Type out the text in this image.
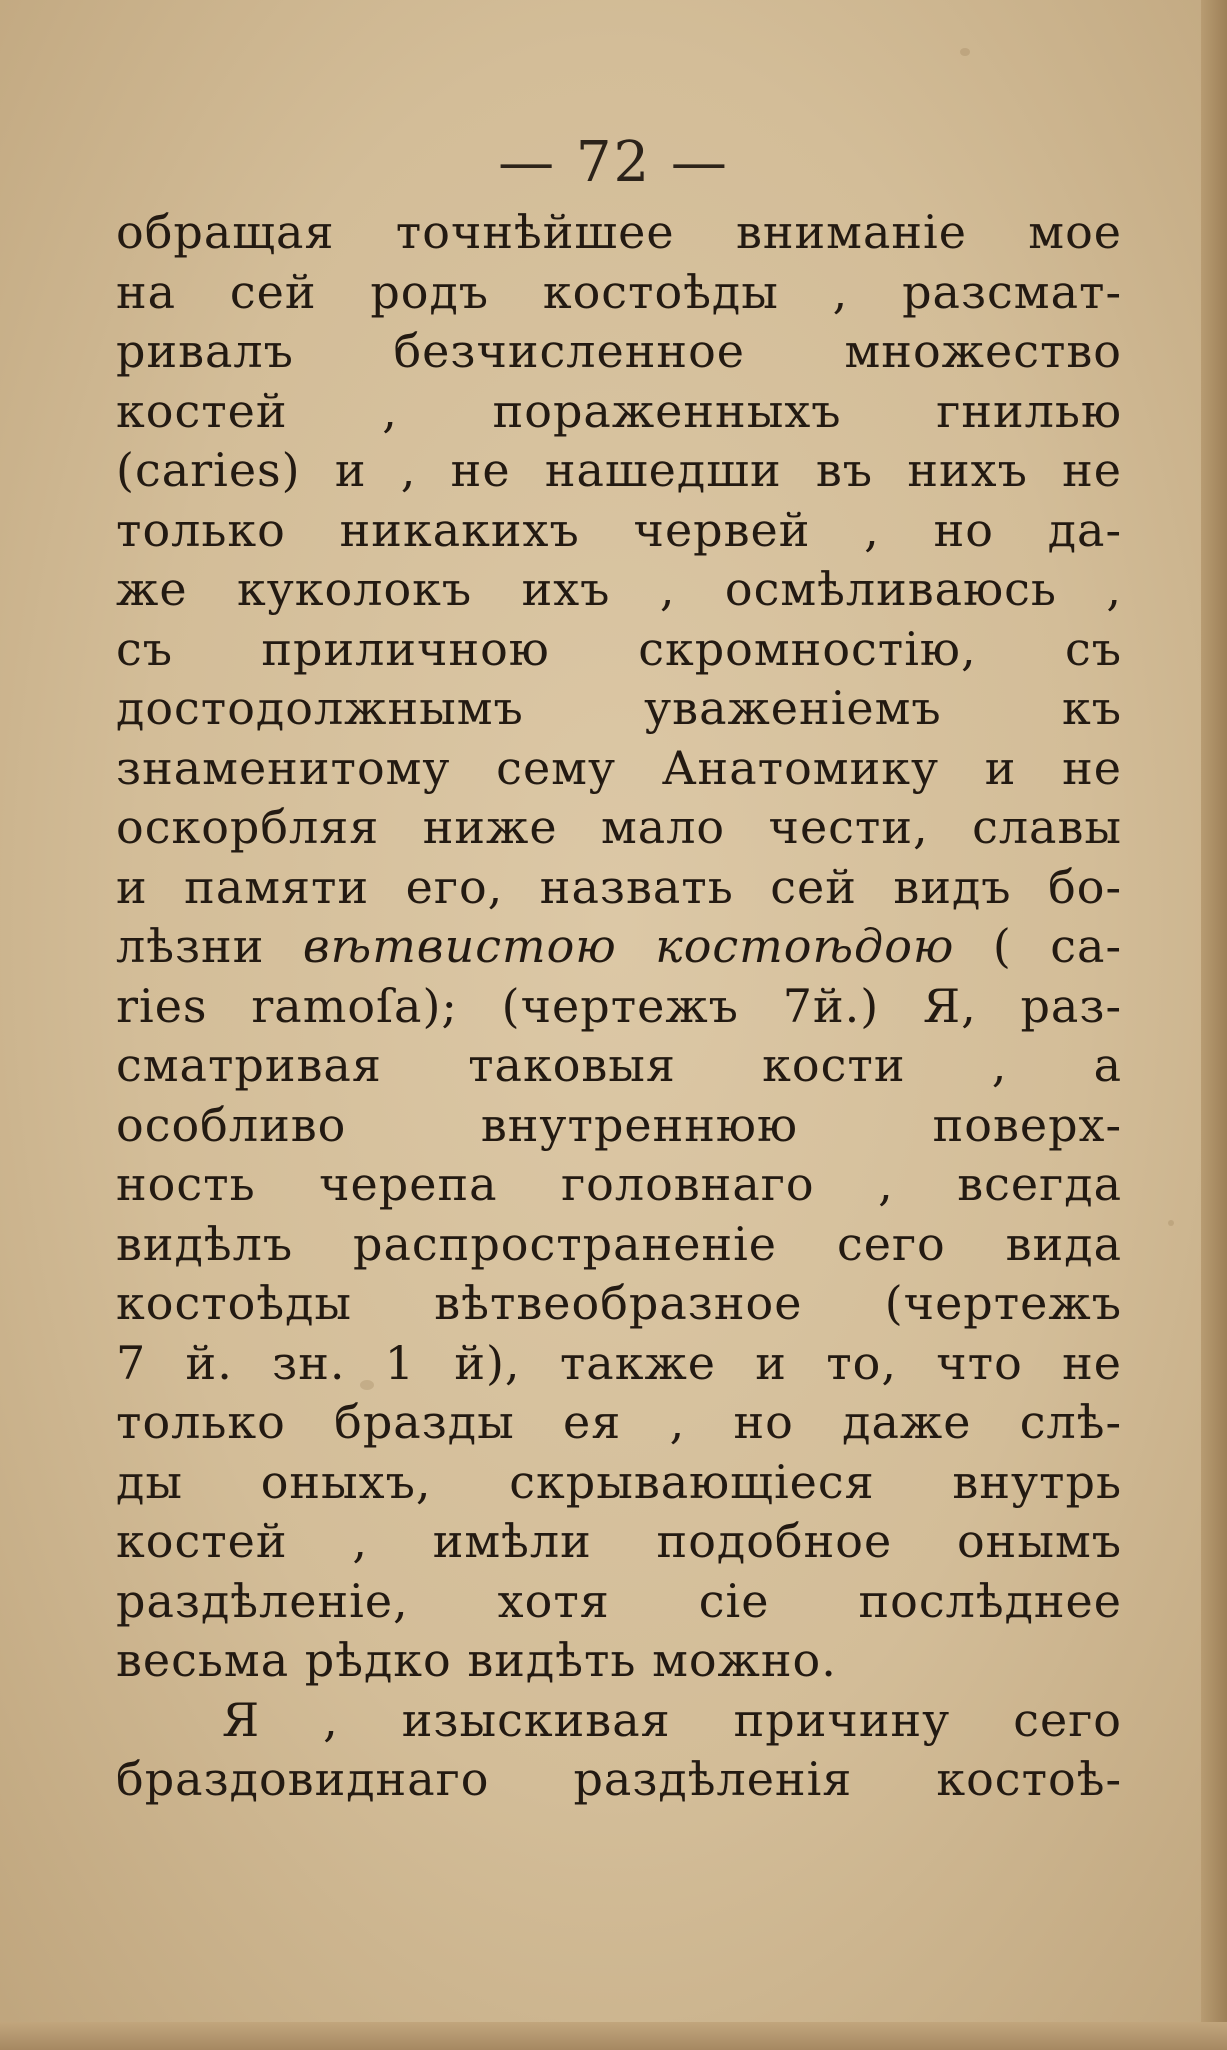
— 72 —
обращая точнѣйшее вниманіе мое
на сей родъ костоѣды , разсмат-
ривалъ безчисленное множество
костей , пораженныхъ гнилью
(caries) и , не нашедши въ нихъ не
только никакихъ червей , но да-
же куколокъ ихъ , осмѣливаюсь ,
съ приличною скромностію, съ
достодолжнымъ уваженіемъ къ
знаменитому сему Анатомику и не
оскорбляя ниже мало чести, славы
и памяти его, назвать сей видъ бо-
лѣзни вѣтвистою костоѣдою ( ca-
ries ramoſa); (чертежъ 7й.) Я, раз-
сматривая таковыя кости , а
особливо внутреннюю поверх-
ность черепа головнаго , всегда
видѣлъ распространеніе сего вида
костоѣды вѣтвеобразное (чертежъ
7 й. зн. 1 й), также и то, что не
только бразды ея , но даже слѣ-
ды оныхъ, скрывающіеся внутрь
костей , имѣли подобное онымъ
раздѣленіе, хотя сіе послѣднее
весьма рѣдко видѣть можно.
Я , изыскивая причину сего
браздовиднаго раздѣленія костоѣ-
